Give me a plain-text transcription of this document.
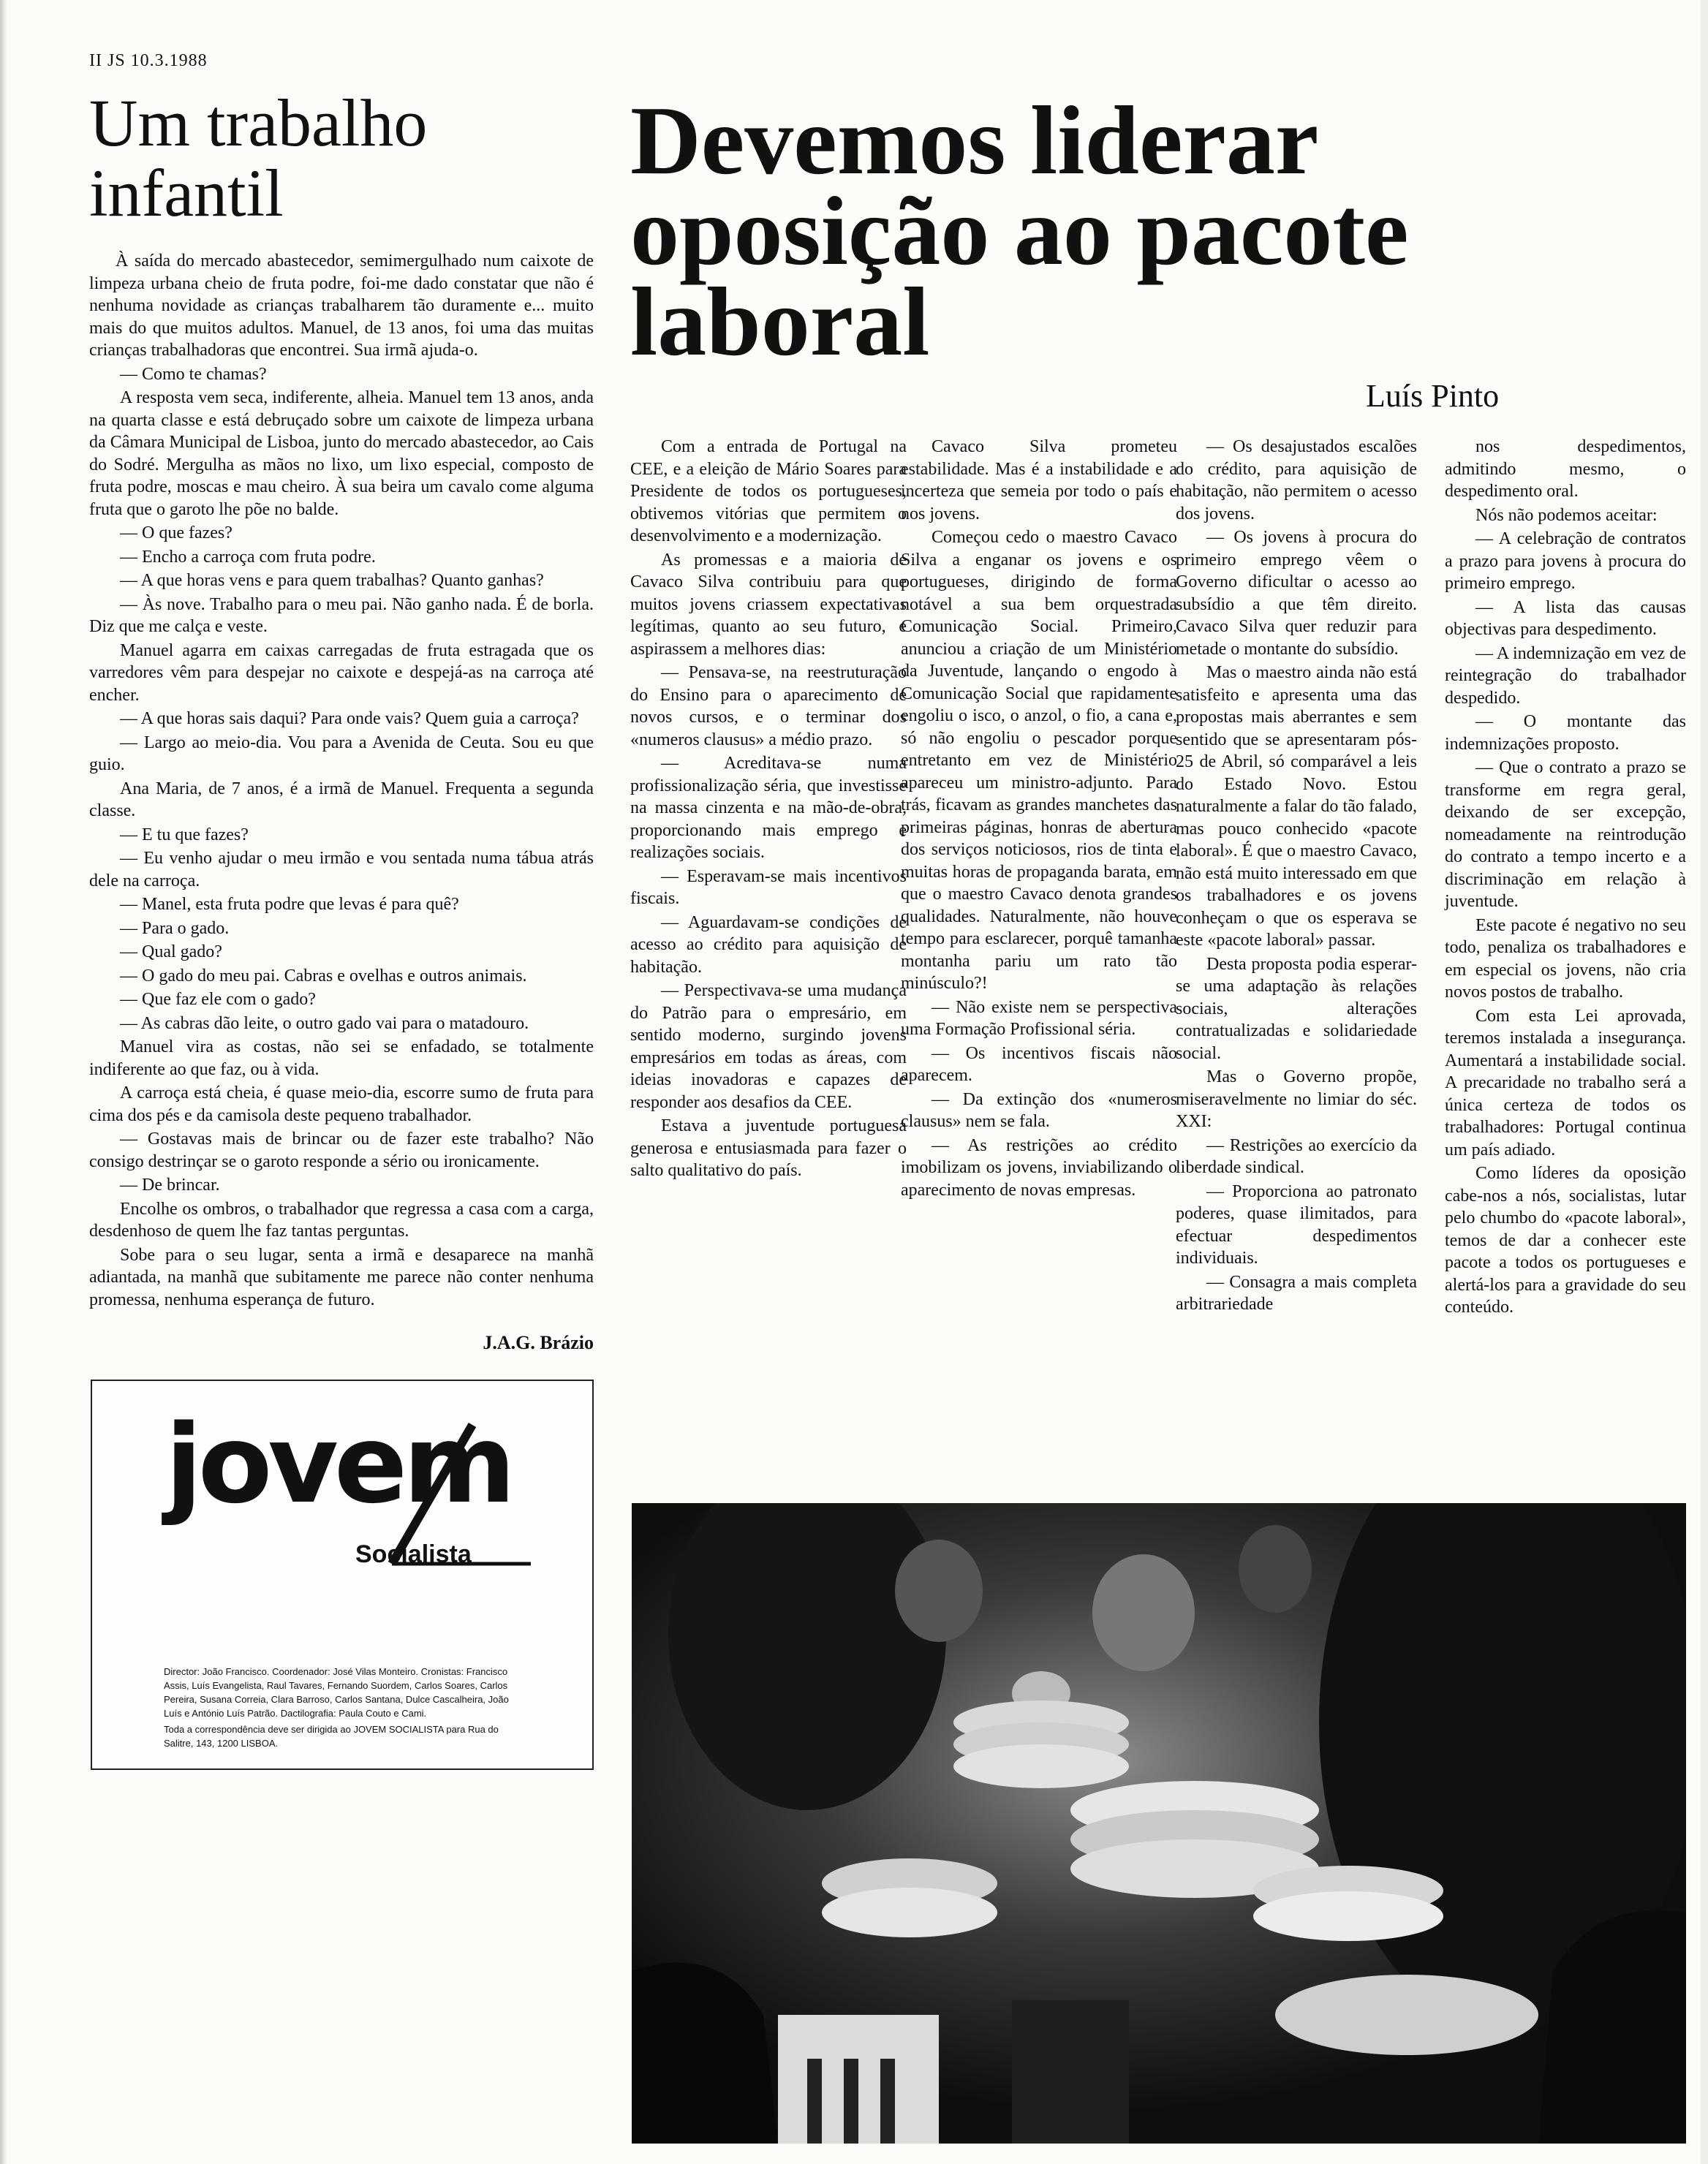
II JS 10.3.1988
Um trabalho infantil	Devemos liderar oposição ao pacote laboral
Luís Pinto

À saída do mercado abastecedor, semimergulhado num caixote de limpeza urbana cheio de fruta podre, foi-me dado constatar que não é nenhuma novidade as crianças trabalharem tão duramente e... muito mais do que muitos adultos. Manuel, de 13 anos, foi uma das muitas crianças trabalhadoras que encontrei. Sua irmã ajuda-o.

— Como te chamas?

A resposta vem seca, indiferente, alheia. Manuel tem 13 anos, anda na quarta classe e está debruçado sobre um caixote de limpeza urbana da Câmara Municipal de Lisboa, junto do mercado abastecedor, ao Cais do Sodré. Mergulha as mãos no lixo, um lixo especial, composto de fruta podre, moscas e mau cheiro. À sua beira um cavalo come alguma fruta que o garoto lhe põe no balde.

— O que fazes?

— Encho a carroça com fruta podre.

— A que horas vens e para quem trabalhas? Quanto ganhas?

— Às nove. Trabalho para o meu pai. Não ganho nada. É de borla. Diz que me calça e veste.

Manuel agarra em caixas carregadas de fruta estragada que os varredores vêm para despejar no caixote e despejá-as na carroça até encher.

— A que horas sais daqui? Para onde vais? Quem guia a carroça?

— Largo ao meio-dia. Vou para a Avenida de Ceuta. Sou eu que guio.

Ana Maria, de 7 anos, é a irmã de Manuel. Frequenta a segunda classe.

— E tu que fazes?

— Eu venho ajudar o meu irmão e vou sentada numa tábua atrás dele na carroça.

— Manel, esta fruta podre que levas é para quê?

— Para o gado.

— Qual gado?

— O gado do meu pai. Cabras e ovelhas e outros animais.

— Que faz ele com o gado?

— As cabras dão leite, o outro gado vai para o matadouro.

Manuel vira as costas, não sei se enfadado, se totalmente indiferente ao que faz, ou à vida.

A carroça está cheia, é quase meio-dia, escorre sumo de fruta para cima dos pés e da camisola deste pequeno trabalhador.

— Gostavas mais de brincar ou de fazer este trabalho? Não consigo destrinçar se o garoto responde a sério ou ironicamente.

— De brincar.

Encolhe os ombros, o trabalhador que regressa a casa com a carga, desdenhoso de quem lhe faz tantas perguntas.

Sobe para o seu lugar, senta a irmã e desaparece na manhã adiantada, na manhã que subitamente me parece não conter nenhuma promessa, nenhuma esperança de futuro.

J.A.G. Brázio

Com a entrada de Portugal na CEE, e a eleição de Mário Soares para Presidente de todos os portugueses, obtivemos vitórias que permitem o desenvolvimento e a modernização.

As promessas e a maioria de Cavaco Silva contribuiu para que muitos jovens criassem expectativas legítimas, quanto ao seu futuro, e aspirassem a melhores dias:

— Pensava-se, na reestruturação do Ensino para o aparecimento de novos cursos, e o terminar dos «numeros clausus» a médio prazo.

— Acreditava-se numa profissionalização séria, que investisse na massa cinzenta e na mão-de-obra, proporcionando mais emprego e realizações sociais.

— Esperavam-se mais incentivos fiscais.

— Aguardavam-se condições de acesso ao crédito para aquisição de habitação.

— Perspectivava-se uma mudança do Patrão para o empresário, em sentido moderno, surgindo jovens empresários em todas as áreas, com ideias inovadoras e capazes de responder aos desafios da CEE.

Estava a juventude portuguesa generosa e entusiasmada para fazer o salto qualitativo do país.

Cavaco Silva prometeu estabilidade. Mas é a instabilidade e a incerteza que semeia por todo o país e nos jovens.

Começou cedo o maestro Cavaco Silva a enganar os jovens e os portugueses, dirigindo de forma notável a sua bem orquestrada Comunicação Social. Primeiro, anunciou a criação de um Ministério da Juventude, lançando o engodo à Comunicação Social que rapidamente engoliu o isco, o anzol, o fio, a cana e, só não engoliu o pescador porque entretanto em vez de Ministério apareceu um ministro-adjunto. Para trás, ficavam as grandes manchetes das primeiras páginas, honras de abertura dos serviços noticiosos, rios de tinta e muitas horas de propaganda barata, em que o maestro Cavaco denota grandes qualidades. Naturalmente, não houve tempo para esclarecer, porquê tamanha montanha pariu um rato tão minúsculo?!

— Não existe nem se perspectiva uma Formação Profissional séria.

— Os incentivos fiscais não aparecem.

— Da extinção dos «numeros clausus» nem se fala.

— As restrições ao crédito imobilizam os jovens, inviabilizando o aparecimento de novas empresas.

— Os desajustados escalões do crédito, para aquisição de habitação, não permitem o acesso dos jovens.

— Os jovens à procura do primeiro emprego vêem o Governo dificultar o acesso ao subsídio a que têm direito. Cavaco Silva quer reduzir para metade o montante do subsídio.

Mas o maestro ainda não está satisfeito e apresenta uma das propostas mais aberrantes e sem sentido que se apresentaram pós-25 de Abril, só comparável a leis do Estado Novo. Estou naturalmente a falar do tão falado, mas pouco conhecido «pacote laboral». É que o maestro Cavaco, não está muito interessado em que os trabalhadores e os jovens conheçam o que os esperava se este «pacote laboral» passar.

Desta proposta podia esperar-se uma adaptação às relações sociais, alterações contratualizadas e solidariedade social.

Mas o Governo propõe, miseravelmente no limiar do séc. XXI:

— Restrições ao exercício da liberdade sindical.

— Proporciona ao patronato poderes, quase ilimitados, para efectuar despedimentos individuais.

— Consagra a mais completa arbitrariedade

nos despedimentos, admitindo mesmo, o despedimento oral.

Nós não podemos aceitar:

— A celebração de contratos a prazo para jovens à procura do primeiro emprego.

— A lista das causas objectivas para despedimento.

— A indemnização em vez de reintegração do trabalhador despedido.

— O montante das indemnizações proposto.

— Que o contrato a prazo se transforme em regra geral, deixando de ser excepção, nomeadamente na reintrodução do contrato a tempo incerto e a discriminação em relação à juventude.

Este pacote é negativo no seu todo, penaliza os trabalhadores e em especial os jovens, não cria novos postos de trabalho.

Com esta Lei aprovada, teremos instalada a insegurança. Aumentará a instabilidade social. A precaridade no trabalho será a única certeza de todos os trabalhadores: Portugal continua um país adiado.

Como líderes da oposição cabe-nos a nós, socialistas, lutar pelo chumbo do «pacote laboral», temos de dar a conhecer este pacote a todos os portugueses e alertá-los para a gravidade do seu conteúdo.

jovem
Socialista

Director: João Francisco. Coordenador: José Vilas Monteiro. Cronistas: Francisco Assis, Luís Evangelista, Raul Tavares, Fernando Suordem, Carlos Soares, Carlos Pereira, Susana Correia, Clara Barroso, Carlos Santana, Dulce Cascalheira, João Luís e António Luís Patrão. Dactilografia: Paula Couto e Cami.

Toda a correspondência deve ser dirigida ao JOVEM SOCIALISTA para Rua do Salitre, 143, 1200 LISBOA.
